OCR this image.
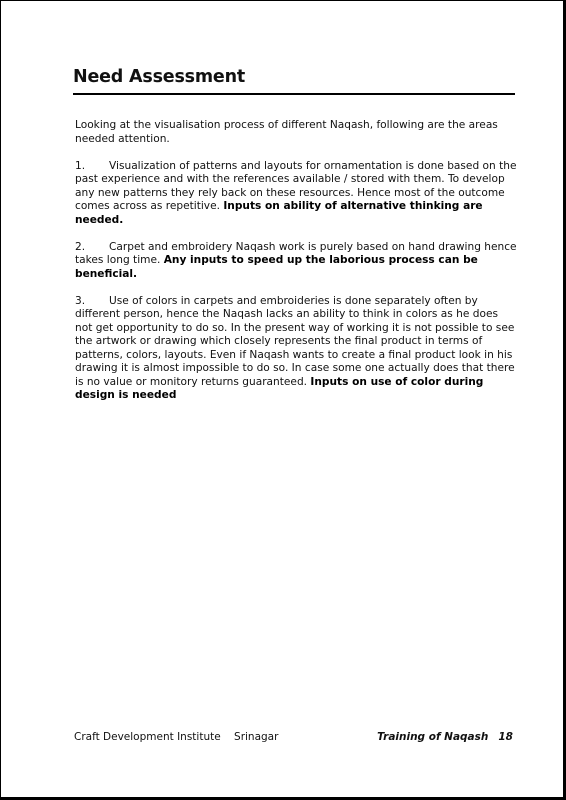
Need Assessment

Looking at the visualisation process of different Naqash, following are the areas needed attention.

1. Visualization of patterns and layouts for ornamentation is done based on the past experience and with the references available / stored with them. To develop any new patterns they rely back on these resources. Hence most of the outcome comes across as repetitive. Inputs on ability of alternative thinking are needed.

2. Carpet and embroidery Naqash work is purely based on hand drawing hence takes long time. Any inputs to speed up the laborious process can be beneficial.

3. Use of colors in carpets and embroideries is done separately often by different person, hence the Naqash lacks an ability to think in colors as he does not get opportunity to do so. In the present way of working it is not possible to see the artwork or drawing which closely represents the final product in terms of patterns, colors, layouts. Even if Naqash wants to create a final product look in his drawing it is almost impossible to do so. In case some one actually does that there is no value or monitory returns guaranteed. Inputs on use of color during design is needed

Craft Development Institute    Srinagar	Training of Naqash 18
